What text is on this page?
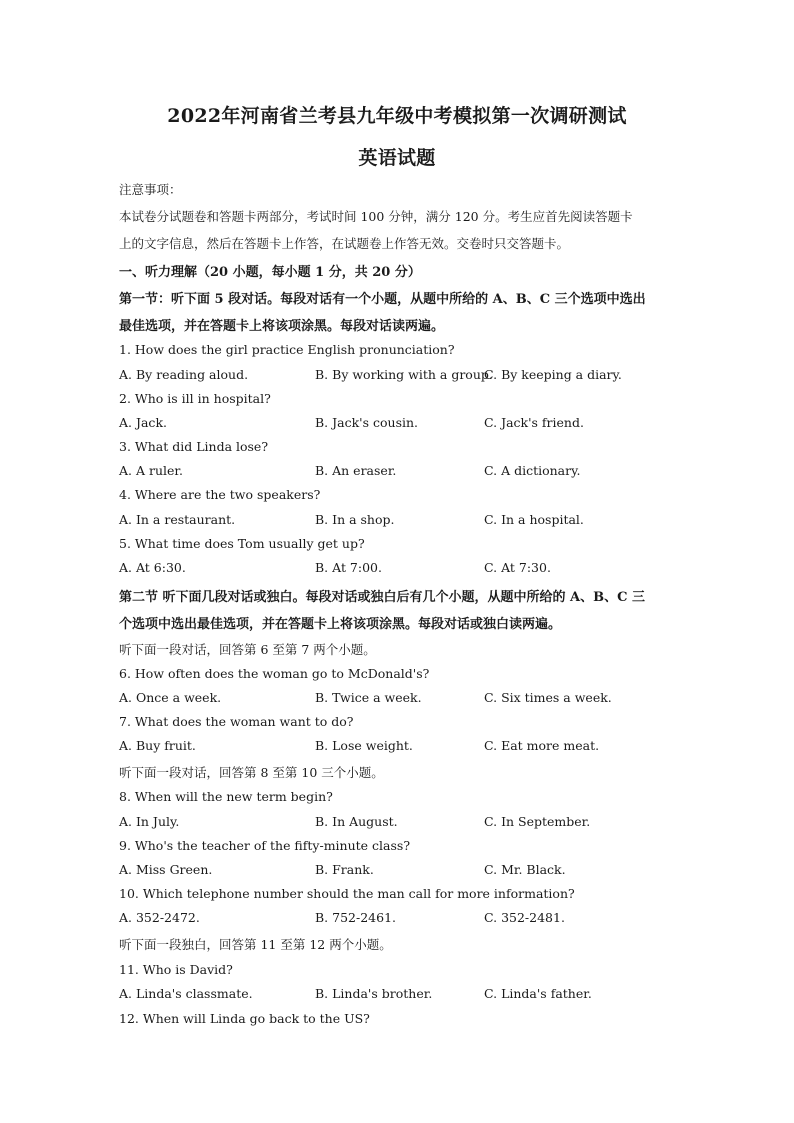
2022年河南省兰考县九年级中考模拟第一次调研测试
英语试题
注意事项：
本试卷分试题卷和答题卡两部分，考试时间 100 分钟，满分 120 分。考生应首先阅读答题卡
上的文字信息，然后在答题卡上作答，在试题卷上作答无效。交卷时只交答题卡。
一、听力理解（20 小题，每小题 1 分，共 20 分）
第一节：听下面 5 段对话。每段对话有一个小题，从题中所给的 A、B、C 三个选项中选出
最佳选项，并在答题卡上将该项涂黑。每段对话读两遍。
1. How does the girl practice English pronunciation?
A. By reading aloud.	B. By working with a group.
C. By keeping a diary.
2. Who is ill in hospital?
A. Jack.	B. Jack's cousin.	C. Jack's friend.
3. What did Linda lose?
A. A ruler.	B. An eraser.	C. A dictionary.
4. Where are the two speakers?
A. In a restaurant.	B. In a shop.	C. In a hospital.
5. What time does Tom usually get up?
A. At 6:30.	B. At 7:00.	C. At 7:30.
第二节 听下面几段对话或独白。每段对话或独白后有几个小题，从题中所给的 A、B、C 三
个选项中选出最佳选项，并在答题卡上将该项涂黑。每段对话或独白读两遍。
听下面一段对话，回答第 6 至第 7 两个小题。
6. How often does the woman go to McDonald's?
A. Once a week.	B. Twice a week.	C. Six times a week.
7. What does the woman want to do?
A. Buy fruit.	B. Lose weight.	C. Eat more meat.
听下面一段对话，回答第 8 至第 10 三个小题。
8. When will the new term begin?
A. In July.	B. In August.	C. In September.
9. Who's the teacher of the fifty-minute class?
A. Miss Green.	B. Frank.	C. Mr. Black.
10. Which telephone number should the man call for more information?
A. 352-2472.	B. 752-2461.	C. 352-2481.
听下面一段独白，回答第 11 至第 12 两个小题。
11. Who is David?
A. Linda's classmate.	B. Linda's brother.	C. Linda's father.
12. When will Linda go back to the US?
